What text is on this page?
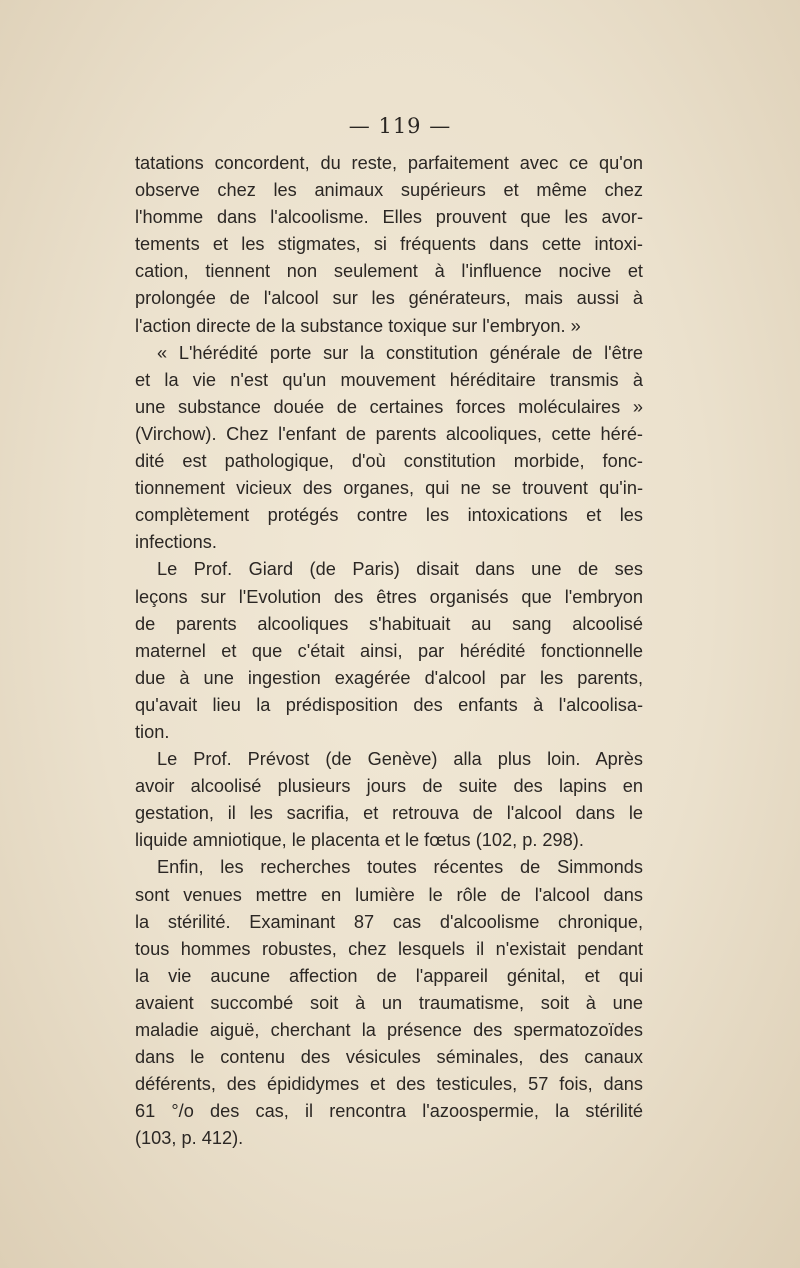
— 119 —
tatations concordent, du reste, parfaitement avec ce qu'on
observe chez les animaux supérieurs et même chez
l'homme dans l'alcoolisme. Elles prouvent que les avor-
tements et les stigmates, si fréquents dans cette intoxi-
cation, tiennent non seulement à l'influence nocive et
prolongée de l'alcool sur les générateurs, mais aussi à
l'action directe de la substance toxique sur l'embryon. »
« L'hérédité porte sur la constitution générale de l'être
et la vie n'est qu'un mouvement héréditaire transmis à
une substance douée de certaines forces moléculaires »
(Virchow). Chez l'enfant de parents alcooliques, cette héré-
dité est pathologique, d'où constitution morbide, fonc-
tionnement vicieux des organes, qui ne se trouvent qu'in-
complètement protégés contre les intoxications et les
infections.
Le Prof. Giard (de Paris) disait dans une de ses
leçons sur l'Evolution des êtres organisés que l'embryon
de parents alcooliques s'habituait au sang alcoolisé
maternel et que c'était ainsi, par hérédité fonctionnelle
due à une ingestion exagérée d'alcool par les parents,
qu'avait lieu la prédisposition des enfants à l'alcoolisa-
tion.
Le Prof. Prévost (de Genève) alla plus loin. Après
avoir alcoolisé plusieurs jours de suite des lapins en
gestation, il les sacrifia, et retrouva de l'alcool dans le
liquide amniotique, le placenta et le fœtus (102, p. 298).
Enfin, les recherches toutes récentes de Simmonds
sont venues mettre en lumière le rôle de l'alcool dans
la stérilité. Examinant 87 cas d'alcoolisme chronique,
tous hommes robustes, chez lesquels il n'existait pendant
la vie aucune affection de l'appareil génital, et qui
avaient succombé soit à un traumatisme, soit à une
maladie aiguë, cherchant la présence des spermatozoïdes
dans le contenu des vésicules séminales, des canaux
déférents, des épididymes et des testicules, 57 fois, dans
61 °/o des cas, il rencontra l'azoospermie, la stérilité
(103, p. 412).
